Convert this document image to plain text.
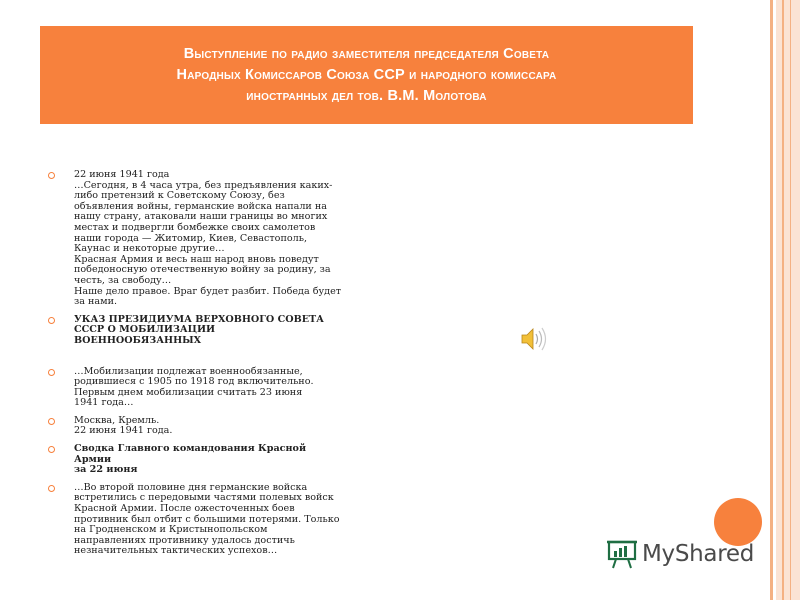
Выступление по радио заместителя председателя Совета
Народных Комиссаров Союза ССР и народного комиссара
иностранных дел тов. В.М. Молотова
22 июня 1941 года
…Сегодня, в 4 часа утра, без предъявления каких-
либо претензий к Советскому Союзу, без
объявления войны, германские войска напали на
нашу страну, атаковали наши границы во многих
местах и подвергли бомбежке своих самолетов
наши города — Житомир, Киев, Севастополь,
Каунас и некоторые другие…
Красная Армия и весь наш народ вновь поведут
победоносную отечественную войну за родину, за
честь, за свободу…
Наше дело правое. Враг будет разбит. Победа будет
за нами.
УКАЗ ПРЕЗИДИУМА ВЕРХОВНОГО СОВЕТА
СССР О МОБИЛИЗАЦИИ
ВОЕННООБЯЗАННЫХ
…Мобилизации подлежат военнообязанные,
родившиеся с 1905 по 1918 год включительно.
Первым днем мобилизации считать 23 июня
1941 года…
Москва, Кремль.
22 июня 1941 года.
Сводка Главного командования Красной
Армии
за 22 июня
…Во второй половине дня германские войска
встретились с передовыми частями полевых войск
Красной Армии. После ожесточенных боев
противник был отбит с большими потерями. Только
на Гродненском и Кристынопольском
направлениях противнику удалось достичь
незначительных тактических успехов…	MyShared
